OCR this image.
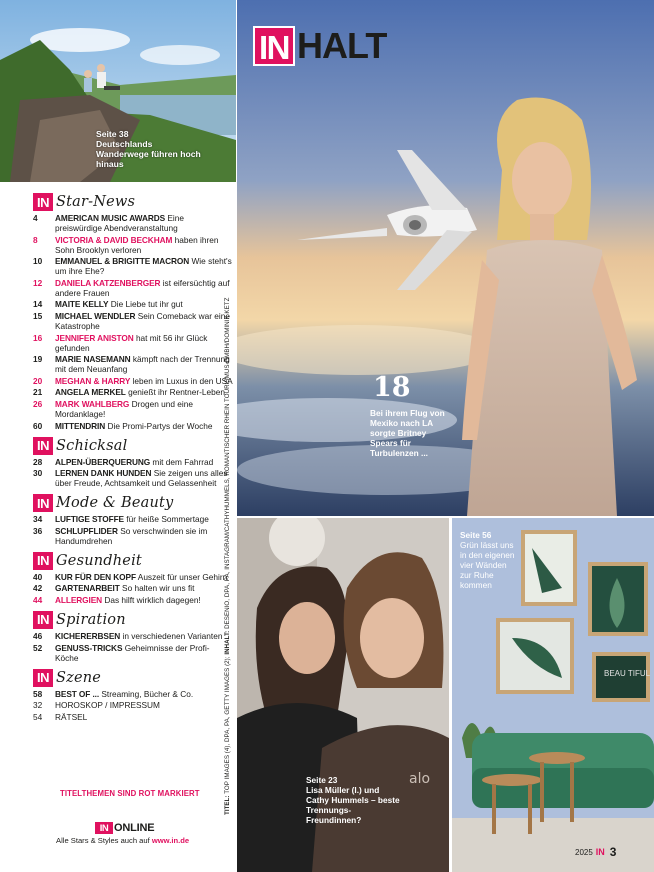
Seite 38
Deutschlands Wanderwege führen hoch hinaus
IN Star-News
4	AMERICAN MUSIC AWARDS Eine preiswürdige Abendveranstaltung
8	VICTORIA & DAVID BECKHAM haben ihren Sohn Brooklyn verloren
10	EMMANUEL & BRIGITTE MACRON Wie steht's um ihre Ehe?
12	DANIELA KATZENBERGER ist eifersüchtig auf andere Frauen
14	MAITE KELLY Die Liebe tut ihr gut
15	MICHAEL WENDLER Sein Comeback war eine Katastrophe
16	JENNIFER ANISTON hat mit 56 ihr Glück gefunden
19	MARIE NASEMANN kämpft nach der Trennung mit dem Neuanfang
20	MEGHAN & HARRY leben im Luxus in den USA
21	ANGELA MERKEL genießt ihr Rentner-Leben
26	MARK WAHLBERG Drogen und eine Mordanklage!
60	MITTENDRIN Die Promi-Partys der Woche
IN Schicksal
28	ALPEN-ÜBERQUERUNG mit dem Fahrrad
30	LERNEN DANK HUNDEN Sie zeigen uns alles über Freude, Achtsamkeit und Gelassenheit
IN Mode & Beauty
34	LUFTIGE STOFFE für heiße Sommertage
36	SCHLUPFLIDER So verschwinden sie im Handumdrehen
IN Gesundheit
40	KUR FÜR DEN KOPF Auszeit für unser Gehirn
42	GARTENARBEIT So halten wir uns fit
44	ALLERGIEN Das hilft wirklich dagegen!
IN Spiration
46	KICHERERBSEN in verschiedenen Varianten
52	GENUSS-TRICKS Geheimnisse der Profi-Köche
IN Szene
58	BEST OF ... Streaming, Bücher & Co.
32	HOROSKOP / IMPRESSUM
54	RÄTSEL
TITELTHEMEN SIND ROT MARKIERT
IN ONLINE
Alle Stars & Styles auch auf www.in.de
IN HALT
18
Bei ihrem Flug von Mexiko nach LA sorgte Britney Spears für Turbulenzen ...
TITEL: TOP IMAGES (4), DPA, PA, GETTY IMAGES (2); INHALT: DESENIO, DPA, PA, INSTAGRAM/CATHYHUMMELS, ROMANTISCHER RHEIN TOURISMUS GMBH/DOMINIK KETZ
alo
Seite 23
Lisa Müller (l.) und Cathy Hummels – beste Trennungs-Freundinnen?
BEAU TIFUL
Seite 56
Grün lässt uns in den eigenen vier Wänden zur Ruhe kommen
2025 IN 3
